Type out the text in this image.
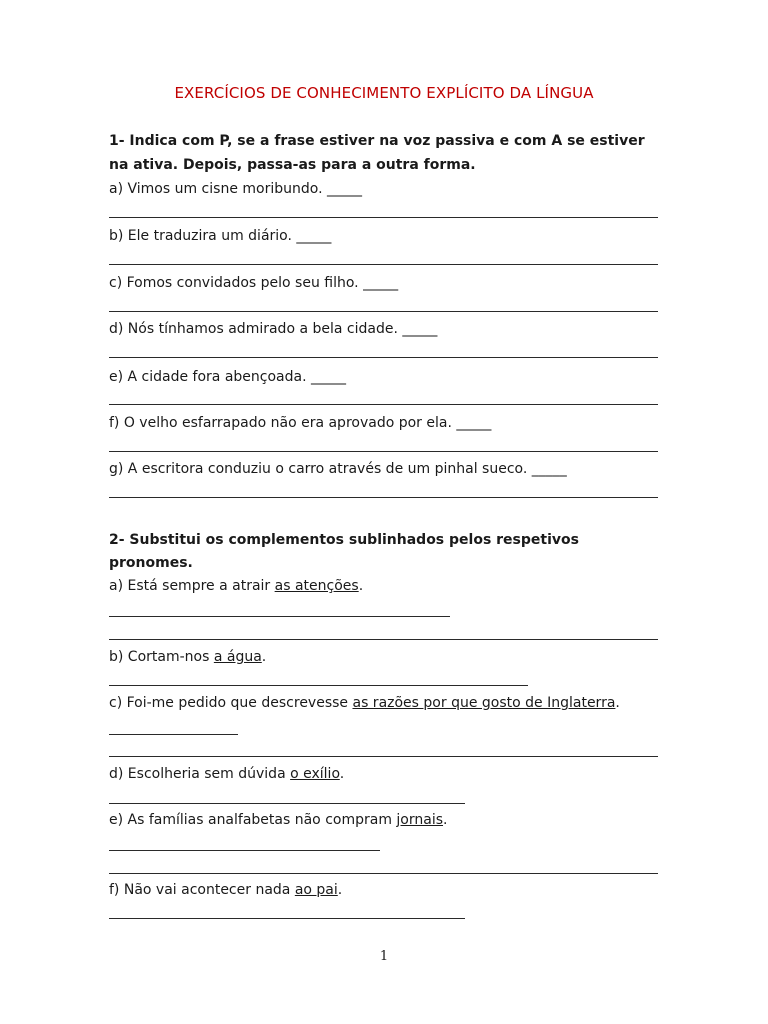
EXERCÍCIOS DE CONHECIMENTO EXPLÍCITO DA LÍNGUA
1- Indica com P, se a frase estiver na voz passiva e com A se estiver
na ativa. Depois, passa-as para a outra forma.
a) Vimos um cisne moribundo. _____
b) Ele traduzira um diário. _____
c) Fomos convidados pelo seu filho. _____
d) Nós tínhamos admirado a bela cidade. _____
e) A cidade fora abençoada. _____
f) O velho esfarrapado não era aprovado por ela. _____
g) A escritora conduziu o carro através de um pinhal sueco. _____
2- Substitui os complementos sublinhados pelos respetivos
pronomes.
a) Está sempre a atrair as atenções.
b) Cortam-nos a água.
c) Foi-me pedido que descrevesse as razões por que gosto de Inglaterra.
d) Escolheria sem dúvida o exílio.
e) As famílias analfabetas não compram jornais.
f) Não vai acontecer nada ao pai.
1
